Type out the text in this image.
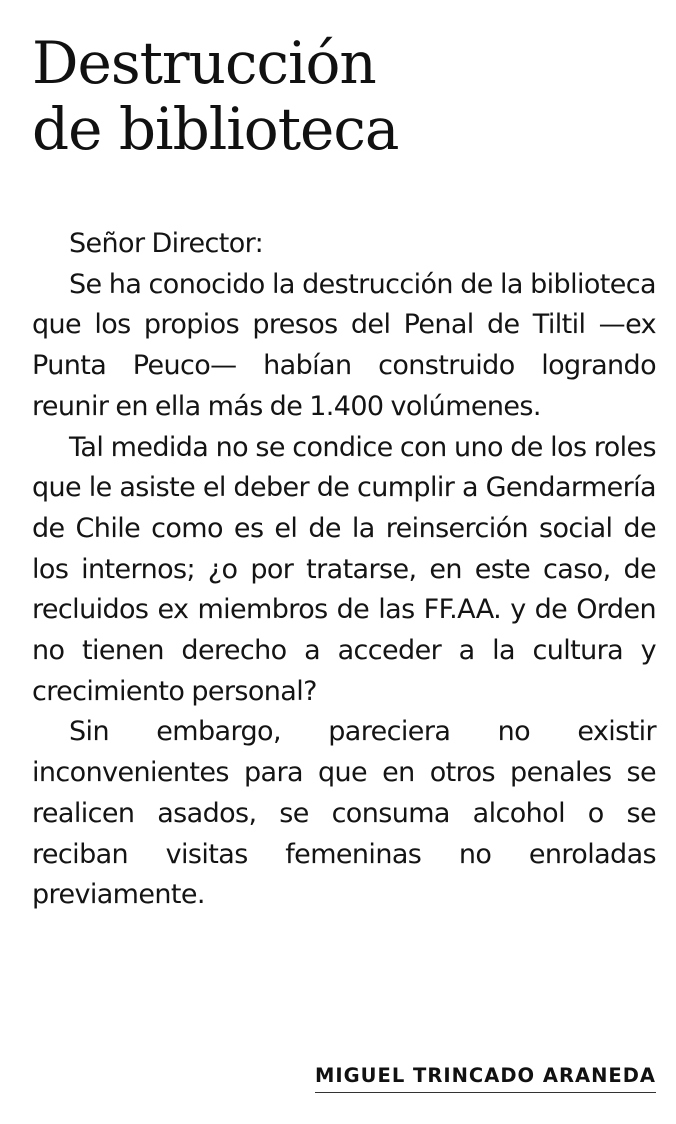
Destrucción
de biblioteca

Señor Director:

Se ha conocido la destrucción de la biblioteca que los propios presos del Penal de Tiltil —ex Punta Peuco— habían construido logrando reunir en ella más de 1.400 volúmenes.

Tal medida no se condice con uno de los roles que le asiste el deber de cumplir a Gendarmería de Chile como es el de la reinserción social de los internos; ¿o por tratarse, en este caso, de recluidos ex miembros de las FF.AA. y de Orden no tienen derecho a acceder a la cultura y crecimiento personal?

Sin embargo, pareciera no existir inconvenientes para que en otros penales se realicen asados, se consuma alcohol o se reciban visitas femeninas no enroladas previamente.

MIGUEL TRINCADO ARANEDA
